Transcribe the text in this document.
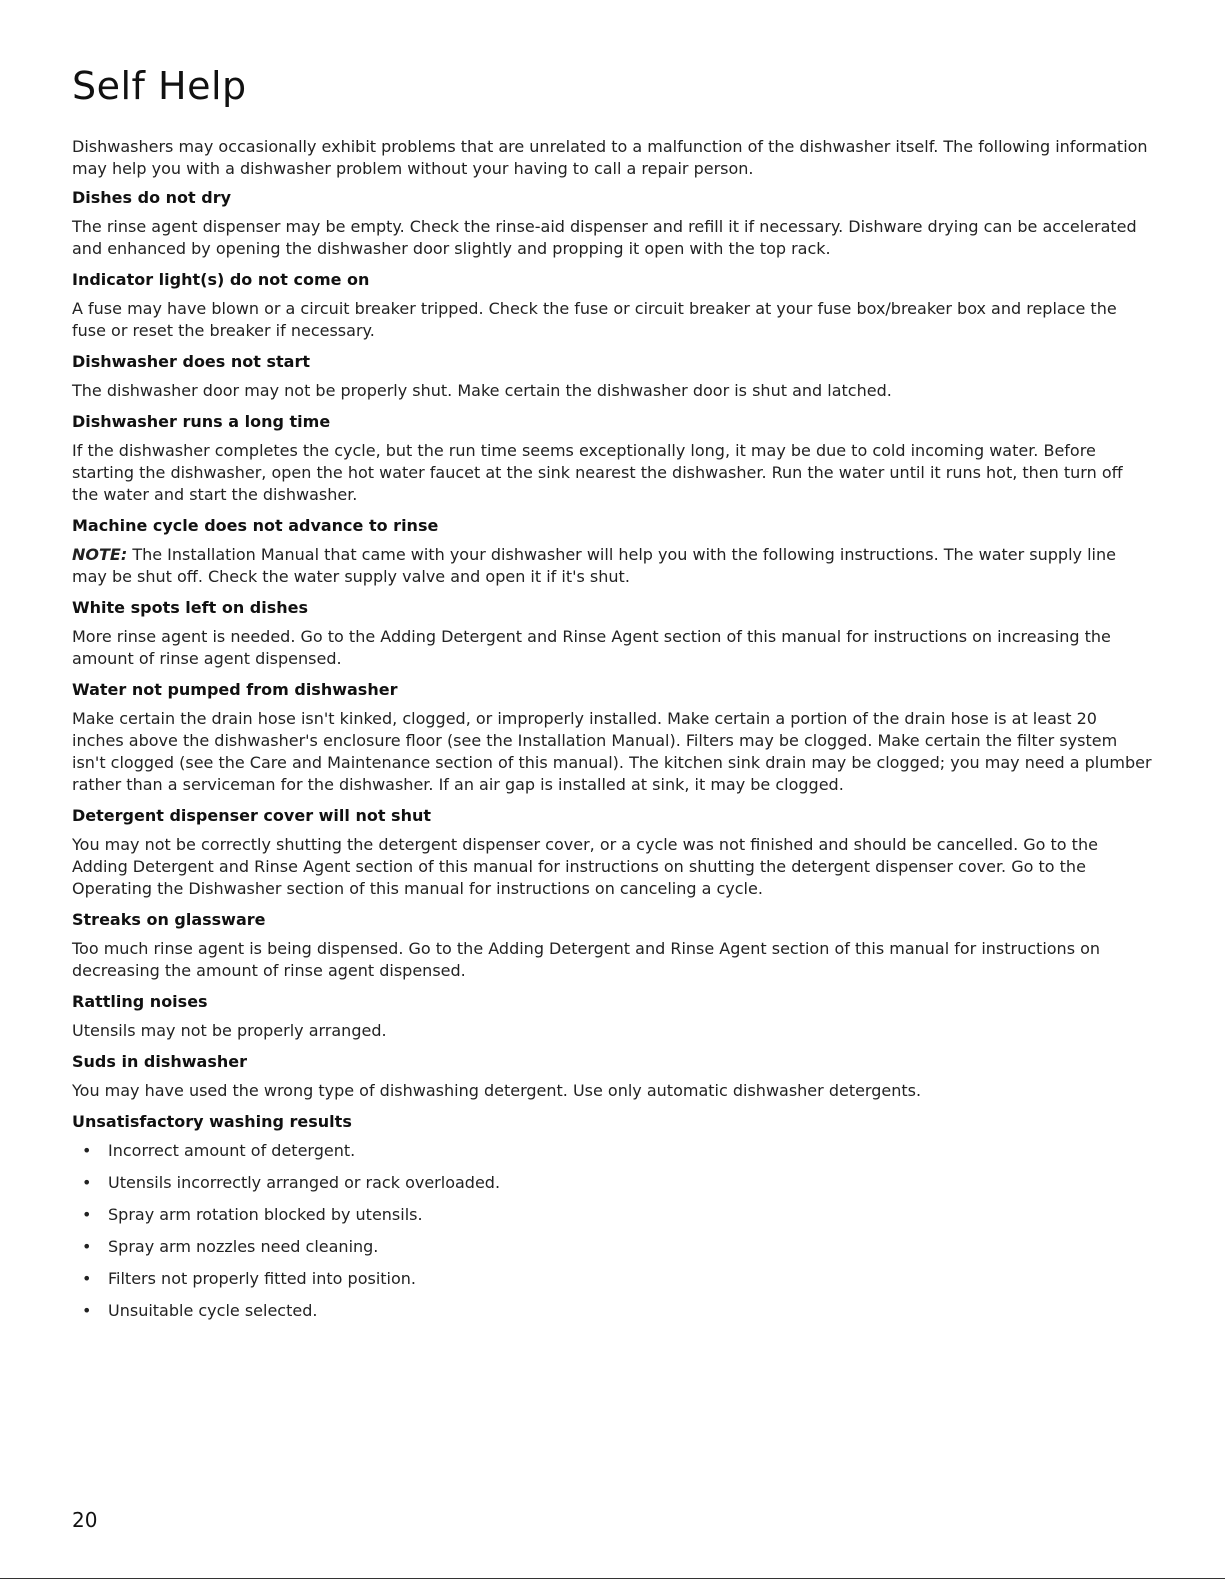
Self Help

Dishwashers may occasionally exhibit problems that are unrelated to a malfunction of the dishwasher itself. The following information may help you with a dishwasher problem without your having to call a repair person.

Dishes do not dry

The rinse agent dispenser may be empty. Check the rinse-aid dispenser and refill it if necessary. Dishware drying can be accelerated and enhanced by opening the dishwasher door slightly and propping it open with the top rack.

Indicator light(s) do not come on

A fuse may have blown or a circuit breaker tripped. Check the fuse or circuit breaker at your fuse box/breaker box and replace the fuse or reset the breaker if necessary.

Dishwasher does not start

The dishwasher door may not be properly shut. Make certain the dishwasher door is shut and latched.

Dishwasher runs a long time

If the dishwasher completes the cycle, but the run time seems exceptionally long, it may be due to cold incoming water. Before starting the dishwasher, open the hot water faucet at the sink nearest the dishwasher. Run the water until it runs hot, then turn off the water and start the dishwasher.

Machine cycle does not advance to rinse

NOTE: The Installation Manual that came with your dishwasher will help you with the following instructions. The water supply line may be shut off. Check the water supply valve and open it if it's shut.

White spots left on dishes

More rinse agent is needed. Go to the Adding Detergent and Rinse Agent section of this manual for instructions on increasing the amount of rinse agent dispensed.

Water not pumped from dishwasher

Make certain the drain hose isn't kinked, clogged, or improperly installed. Make certain a portion of the drain hose is at least 20 inches above the dishwasher's enclosure floor (see the Installation Manual). Filters may be clogged. Make certain the filter system isn't clogged (see the Care and Maintenance section of this manual). The kitchen sink drain may be clogged; you may need a plumber rather than a serviceman for the dishwasher. If an air gap is installed at sink, it may be clogged.

Detergent dispenser cover will not shut

You may not be correctly shutting the detergent dispenser cover, or a cycle was not finished and should be cancelled. Go to the Adding Detergent and Rinse Agent section of this manual for instructions on shutting the detergent dispenser cover. Go to the Operating the Dishwasher section of this manual for instructions on canceling a cycle.

Streaks on glassware

Too much rinse agent is being dispensed. Go to the Adding Detergent and Rinse Agent section of this manual for instructions on decreasing the amount of rinse agent dispensed.

Rattling noises

Utensils may not be properly arranged.

Suds in dishwasher

You may have used the wrong type of dishwashing detergent. Use only automatic dishwasher detergents.

Unsatisfactory washing results
• Incorrect amount of detergent.
• Utensils incorrectly arranged or rack overloaded.
• Spray arm rotation blocked by utensils.
• Spray arm nozzles need cleaning.
• Filters not properly fitted into position.
• Unsuitable cycle selected.

20
